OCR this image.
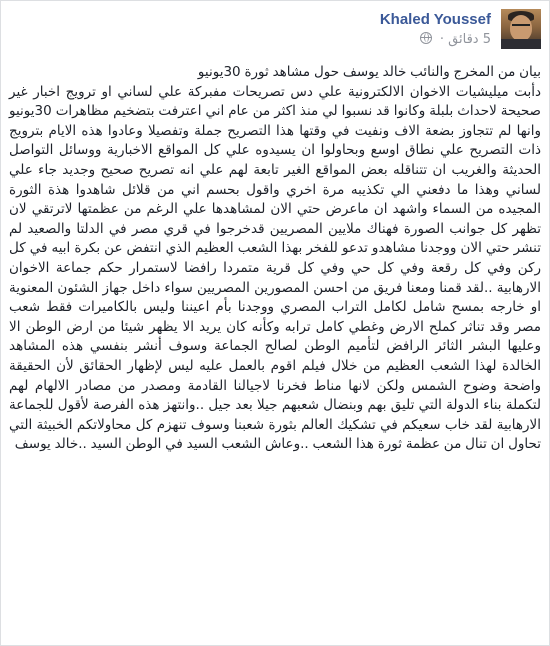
Khaled Youssef
5 دقائق ·

بيان من المخرج والنائب خالد يوسف حول مشاهد ثورة 30يونيو

دأبت ميليشيات الاخوان الالكترونية علي دس تصريحات مفبركة علي لساني او ترويج اخبار غير صحيحة لاحداث بلبلة وكانوا قد نسبوا لي منذ اكثر من عام اني اعترفت بتضخيم مظاهرات 30يونيو وانها لم تتجاوز بضعة الاف ونفيت في وقتها هذا التصريح جملة وتفصيلا وعادوا هذه الايام بترويج ذات التصريح علي نطاق اوسع وبحاولوا ان يسيدوه علي كل المواقع الاخبارية ووسائل التواصل الحديثة والغريب ان تتناقله بعض المواقع الغير تابعة لهم علي انه تصريح صحيح وجديد جاء علي لساني وهذا ما دفعني الي تكذيبه مرة اخري واقول بحسم اني من قلائل شاهدوا هذة الثورة المجيده من السماء واشهد ان ماعرض حتي الان لمشاهدها علي الرغم من عظمتها لاترتقي لان تظهر كل جوانب الصورة فهناك ملايين المصريين قدخرجوا في قري مصر في الدلتا والصعيد لم تنشر حتي الان ووجدنا مشاهدو تدعو للفخر بهذا الشعب العظيم الذي انتفض عن بكرة ابيه في كل ركن وفي كل رقعة وفي كل حي وفي كل قرية متمردا رافضا لاستمرار حكم جماعة الاخوان الارهابية ..لقد قمنا ومعنا فريق من احسن المصورين المصريين سواء داخل جهاز الشئون المعنوية او خارجه بمسح شامل لكامل التراب المصري ووجدنا بأم اعيننا وليس بالكاميرات فقط شعب مصر وقد تناثر كملح الارض وغطي كامل ترابه وكأنه كان يريد الا يظهر شيئا من ارض الوطن الا وعليها البشر الثائر الرافض لتأميم الوطن لصالح الجماعة وسوف أنشر بنفسي هذه المشاهد الخالدة لهذا الشعب العظيم من خلال فيلم اقوم بالعمل عليه ليس لإظهار الحقائق لأن الحقيقة واضحة وضوح الشمس ولكن لانها مناط فخرنا لاجيالنا القادمة ومصدر من مصادر الالهام لهم لتكملة بناء الدولة التي تليق بهم وبنضال شعبهم جيلا بعد جيل ..وانتهز هذه الفرصة لأقول للجماعة الارهابية لقد خاب سعيكم في تشكيك العالم بثورة شعبنا وسوف تنهزم كل محاولاتكم الخبيثة التي تحاول ان تنال من عظمة ثورة هذا الشعب ..وعاش الشعب السيد في الوطن السيد ..خالد يوسف
